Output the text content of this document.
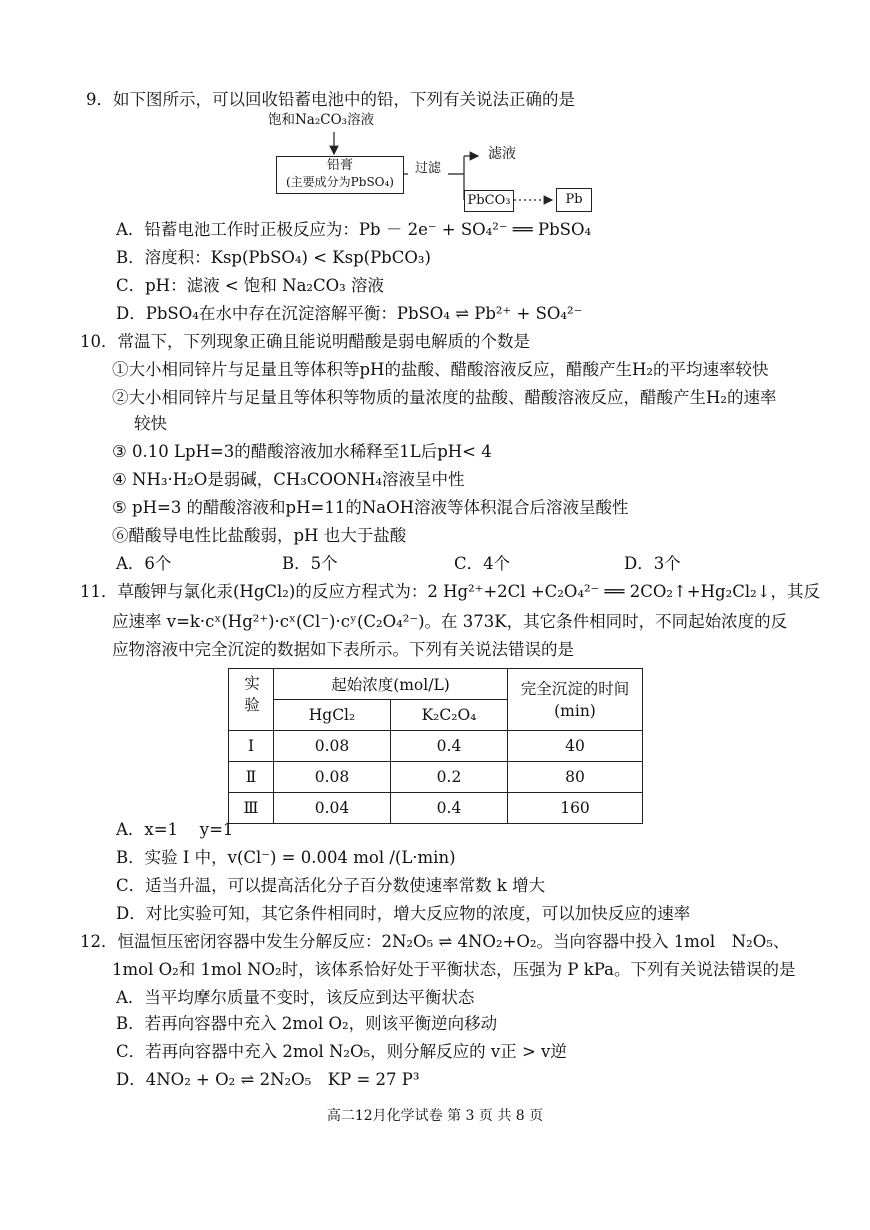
9．如下图所示，可以回收铅蓄电池中的铅，下列有关说法正确的是
饱和Na₂CO₃溶液
铅膏
(主要成分为PbSO₄)
过滤
滤液
PbCO₃	Pb
A．铅蓄电池工作时正极反应为：Pb － 2e⁻ + SO₄²⁻ ══ PbSO₄
B．溶度积：Ksp(PbSO₄) < Ksp(PbCO₃)
C．pH：滤液 < 饱和 Na₂CO₃ 溶液
D．PbSO₄在水中存在沉淀溶解平衡：PbSO₄ ⇌ Pb²⁺ + SO₄²⁻
10．常温下，下列现象正确且能说明醋酸是弱电解质的个数是
①大小相同锌片与足量且等体积等pH的盐酸、醋酸溶液反应，醋酸产生H₂的平均速率较快
②大小相同锌片与足量且等体积等物质的量浓度的盐酸、醋酸溶液反应，醋酸产生H₂的速率
较快
③ 0.10 LpH=3的醋酸溶液加水稀释至1L后pH< 4
④ NH₃·H₂O是弱碱，CH₃COONH₄溶液呈中性
⑤ pH=3 的醋酸溶液和pH=11的NaOH溶液等体积混合后溶液呈酸性
⑥醋酸导电性比盐酸弱，pH 也大于盐酸
A．6个	B．5个	C．4个	D．3个
11．草酸钾与氯化汞(HgCl₂)的反应方程式为：2 Hg²⁺+2Cl +C₂O₄²⁻ ══ 2CO₂↑+Hg₂Cl₂↓，其反
应速率 v=k·cˣ(Hg²⁺)·cˣ(Cl⁻)·cʸ(C₂O₄²⁻)。在 373K，其它条件相同时，不同起始浓度的反
应物溶液中完全沉淀的数据如下表所示。下列有关说法错误的是
实验	起始浓度(mol/L)		完全沉淀的时间
(min)

	HgCl₂	K₂C₂O₄	
Ⅰ	0.08	0.4	40
Ⅱ	0.08	0.2	80
Ⅲ	0.04	0.4	160
A．x=1　 y=1
B．实验 Ⅰ 中，v(Cl⁻) = 0.004 mol /(L·min)
C．适当升温，可以提高活化分子百分数使速率常数 k 增大
D．对比实验可知，其它条件相同时，增大反应物的浓度，可以加快反应的速率
12．恒温恒压密闭容器中发生分解反应：2N₂O₅ ⇌ 4NO₂+O₂。当向容器中投入 1mol　N₂O₅、
1mol O₂和 1mol NO₂时，该体系恰好处于平衡状态，压强为 P kPa。下列有关说法错误的是
A．当平均摩尔质量不变时，该反应到达平衡状态
B．若再向容器中充入 2mol O₂，则该平衡逆向移动
C．若再向容器中充入 2mol N₂O₅，则分解反应的 v正 > v逆
D．4NO₂ + O₂ ⇌ 2N₂O₅　KP = 27 P³
高二12月化学试卷 第 3 页 共 8 页
